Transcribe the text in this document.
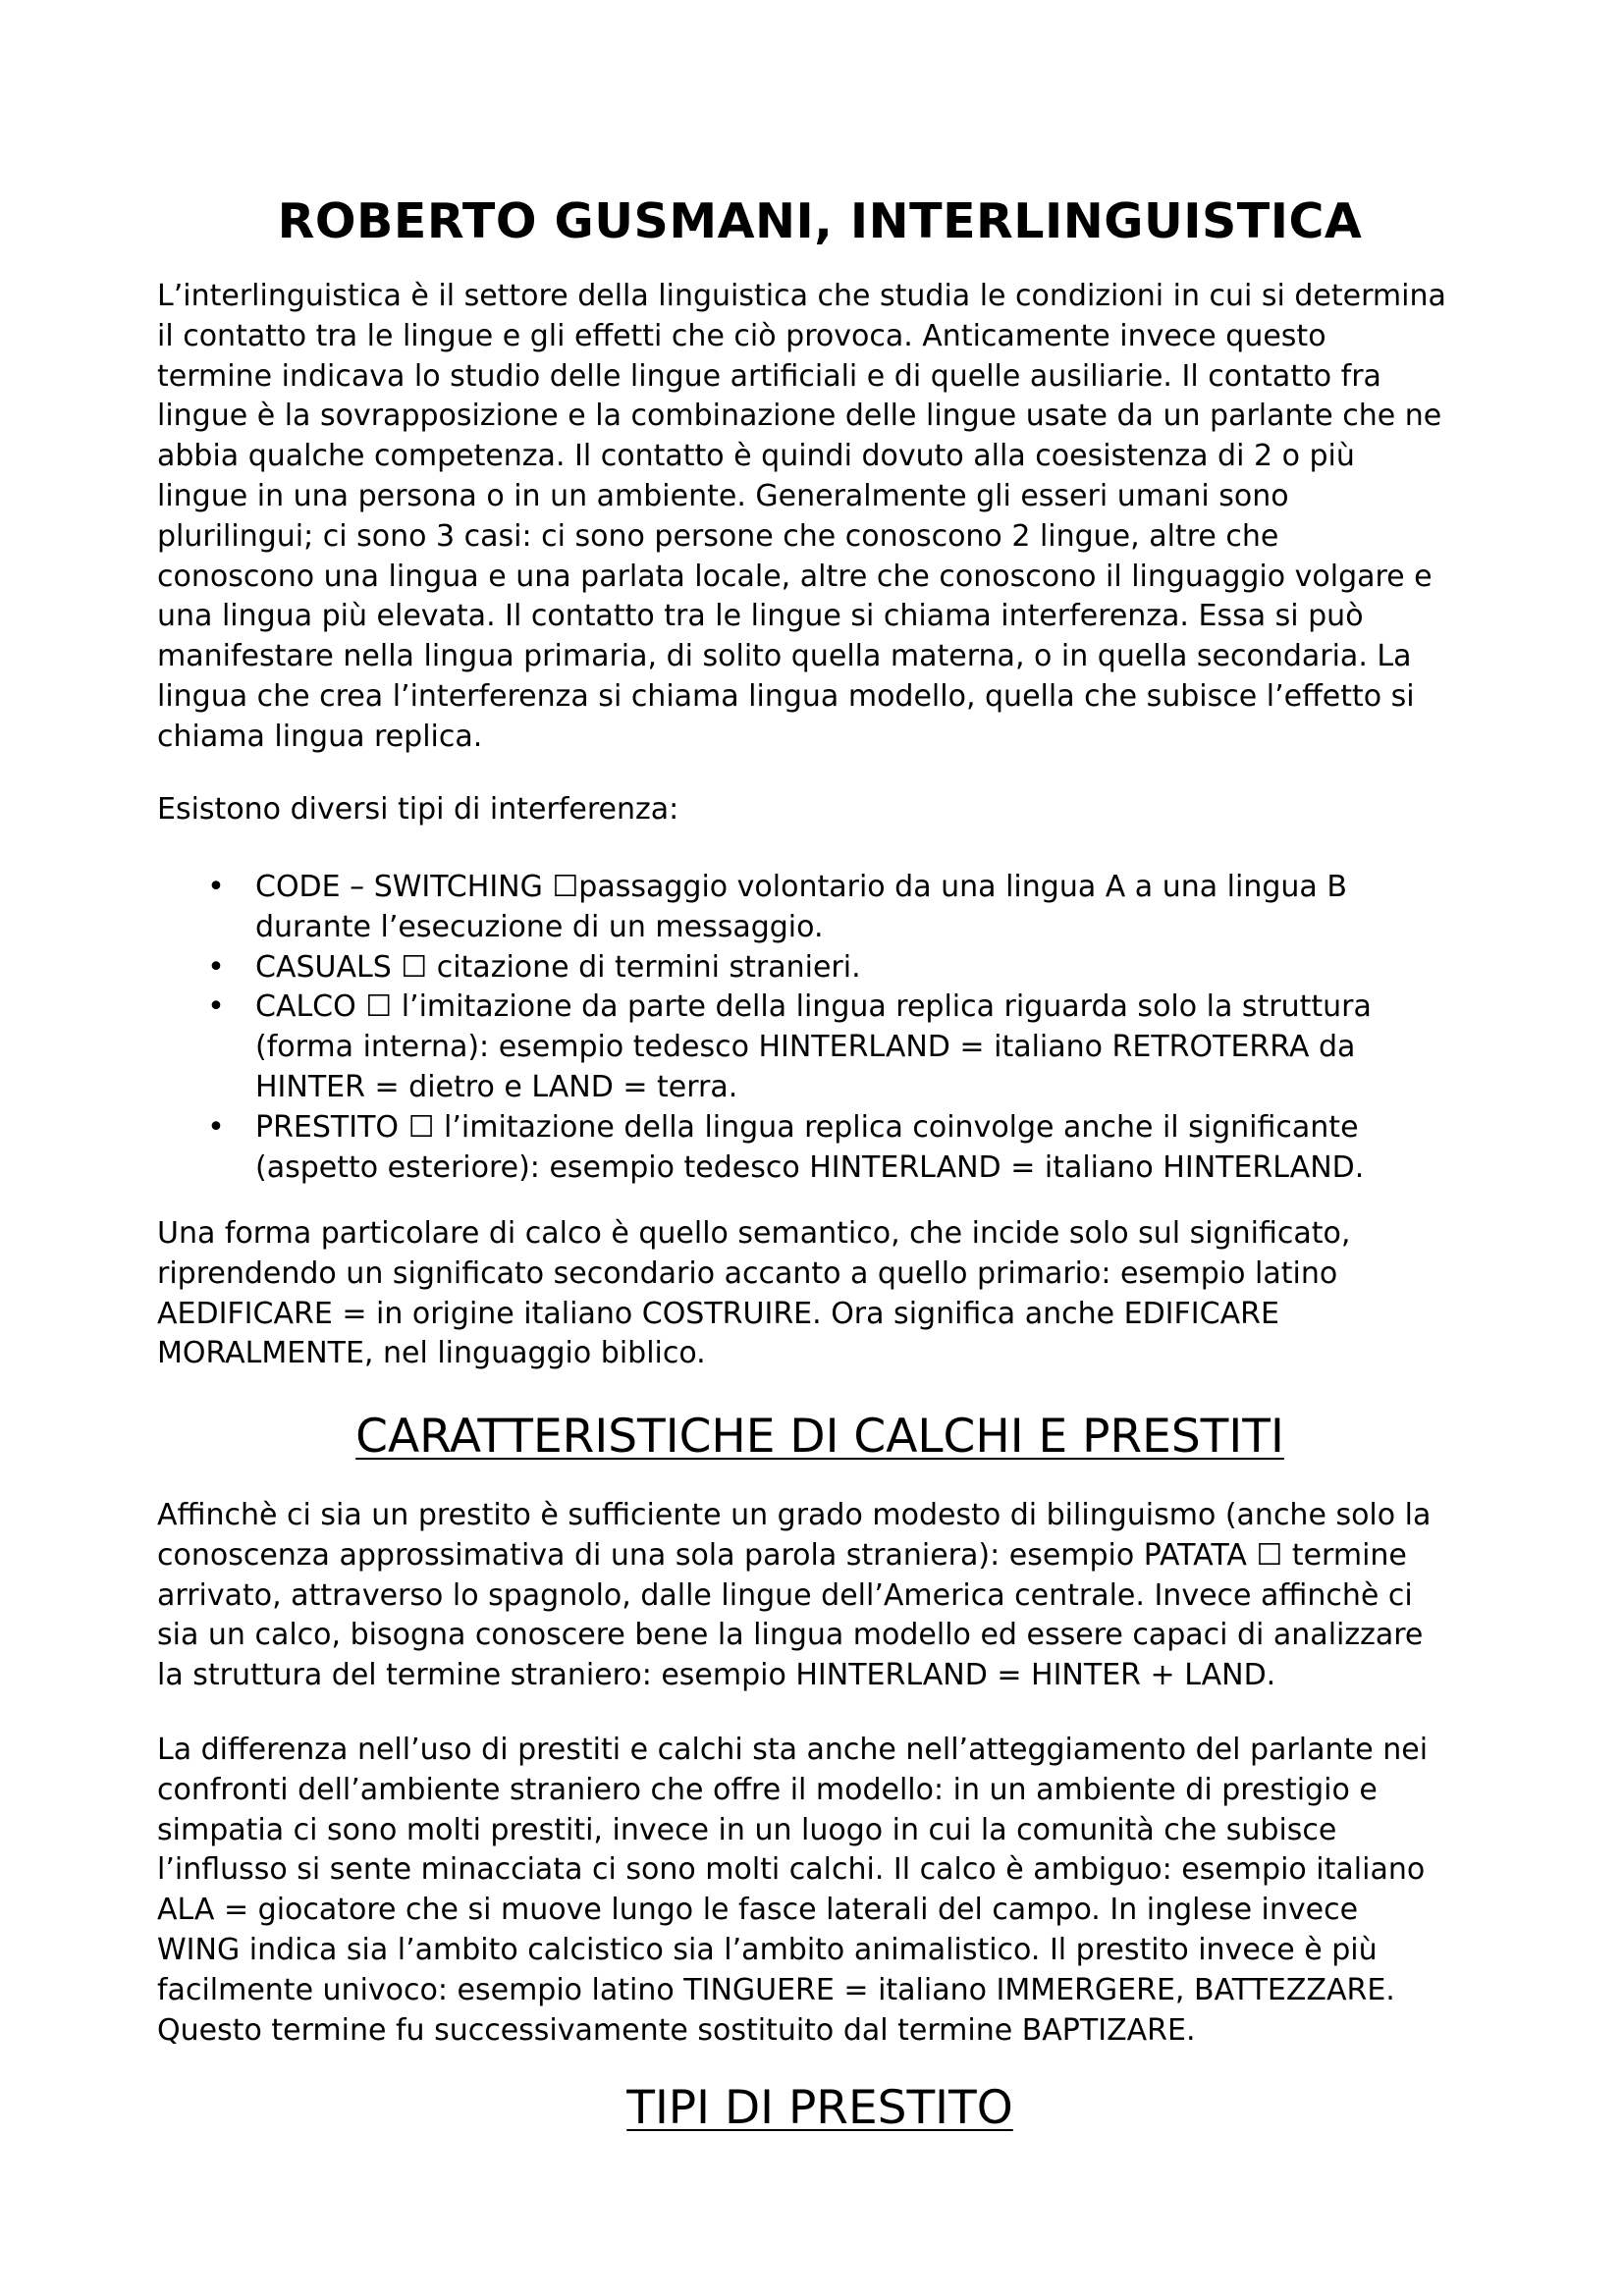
ROBERTO GUSMANI, INTERLINGUISTICA
L’interlinguistica è il settore della linguistica che studia le condizioni in cui si determina
il contatto tra le lingue e gli effetti che ciò provoca. Anticamente invece questo
termine indicava lo studio delle lingue artificiali e di quelle ausiliarie. Il contatto fra
lingue è la sovrapposizione e la combinazione delle lingue usate da un parlante che ne
abbia qualche competenza. Il contatto è quindi dovuto alla coesistenza di 2 o più
lingue in una persona o in un ambiente. Generalmente gli esseri umani sono
plurilingui; ci sono 3 casi: ci sono persone che conoscono 2 lingue, altre che
conoscono una lingua e una parlata locale, altre che conoscono il linguaggio volgare e
una lingua più elevata. Il contatto tra le lingue si chiama interferenza. Essa si può
manifestare nella lingua primaria, di solito quella materna, o in quella secondaria. La
lingua che crea l’interferenza si chiama lingua modello, quella che subisce l’effetto si
chiama lingua replica.

Esistono diversi tipi di interferenza:

• CODE – SWITCHING ☐passaggio volontario da una lingua A a una lingua B
durante l’esecuzione di un messaggio.
• CASUALS ☐ citazione di termini stranieri.
• CALCO ☐ l’imitazione da parte della lingua replica riguarda solo la struttura
(forma interna): esempio tedesco HINTERLAND = italiano RETROTERRA da
HINTER = dietro e LAND = terra.
• PRESTITO ☐ l’imitazione della lingua replica coinvolge anche il significante
(aspetto esteriore): esempio tedesco HINTERLAND = italiano HINTERLAND.
Una forma particolare di calco è quello semantico, che incide solo sul significato,
riprendendo un significato secondario accanto a quello primario: esempio latino
AEDIFICARE = in origine italiano COSTRUIRE. Ora significa anche EDIFICARE
MORALMENTE, nel linguaggio biblico.
CARATTERISTICHE DI CALCHI E PRESTITI
Affinchè ci sia un prestito è sufficiente un grado modesto di bilinguismo (anche solo la
conoscenza approssimativa di una sola parola straniera): esempio PATATA ☐ termine
arrivato, attraverso lo spagnolo, dalle lingue dell’America centrale. Invece affinchè ci
sia un calco, bisogna conoscere bene la lingua modello ed essere capaci di analizzare
la struttura del termine straniero: esempio HINTERLAND = HINTER + LAND.
La differenza nell’uso di prestiti e calchi sta anche nell’atteggiamento del parlante nei
confronti dell’ambiente straniero che offre il modello: in un ambiente di prestigio e
simpatia ci sono molti prestiti, invece in un luogo in cui la comunità che subisce
l’influsso si sente minacciata ci sono molti calchi. Il calco è ambiguo: esempio italiano
ALA = giocatore che si muove lungo le fasce laterali del campo. In inglese invece
WING indica sia l’ambito calcistico sia l’ambito animalistico. Il prestito invece è più
facilmente univoco: esempio latino TINGUERE = italiano IMMERGERE, BATTEZZARE.
Questo termine fu successivamente sostituito dal termine BAPTIZARE.
TIPI DI PRESTITO
